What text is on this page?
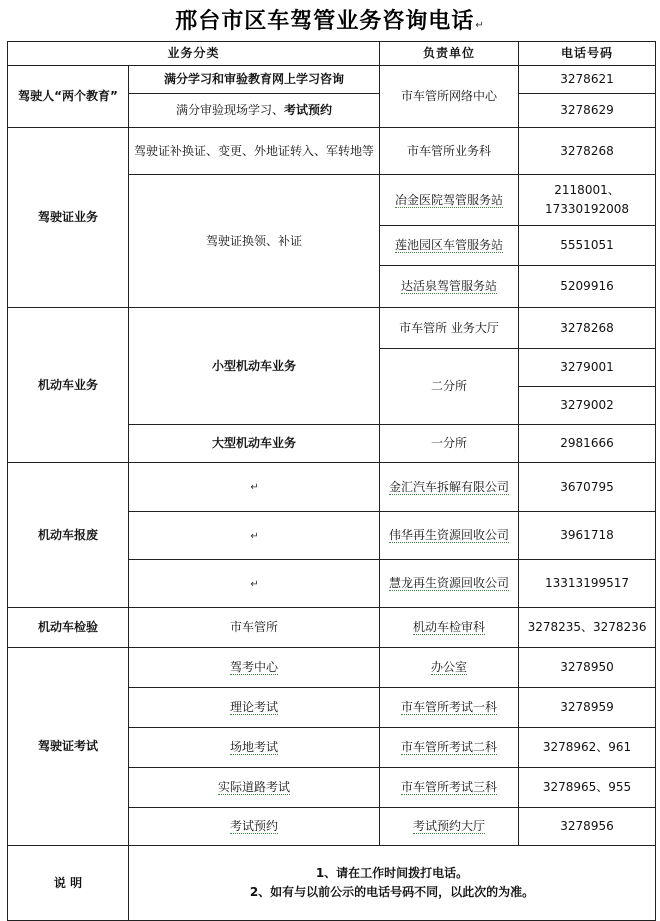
邢台市区车驾管业务咨询电话↵
业务分类		负责单位	电话号码
驾驶人“两个教育”	满分学习和审验教育网上学习咨询	市车管所网络中心	3278621
	满分审验现场学习、考试预约		3278629
驾驶证业务	驾驶证补换证、变更、外地证转入、军转地等	市车管所业务科	3278268
	驾驶证换领、补证	冶金医院驾管服务站	2118001、17330192008
		莲池园区车管服务站	5551051
		达活泉驾管服务站	5209916
机动车业务	小型机动车业务	市车管所 业务大厅	3278268
		二分所	3279001
			3279002
	大型机动车业务	一分所	2981666
机动车报废	↵	金汇汽车拆解有限公司	3670795
	↵	伟华再生资源回收公司	3961718
	↵	慧龙再生资源回收公司	13313199517
机动车检验	市车管所	机动车检审科	3278235、3278236
驾驶证考试	驾考中心	办公室	3278950
	理论考试	市车管所考试一科	3278959
	场地考试	市车管所考试二科	3278962、961
	实际道路考试	市车管所考试三科	3278965、955
	考试预约	考试预约大厅	3278956
说 明	1、请在工作时间拨打电话。
2、如有与以前公示的电话号码不同，以此次的为准。		
